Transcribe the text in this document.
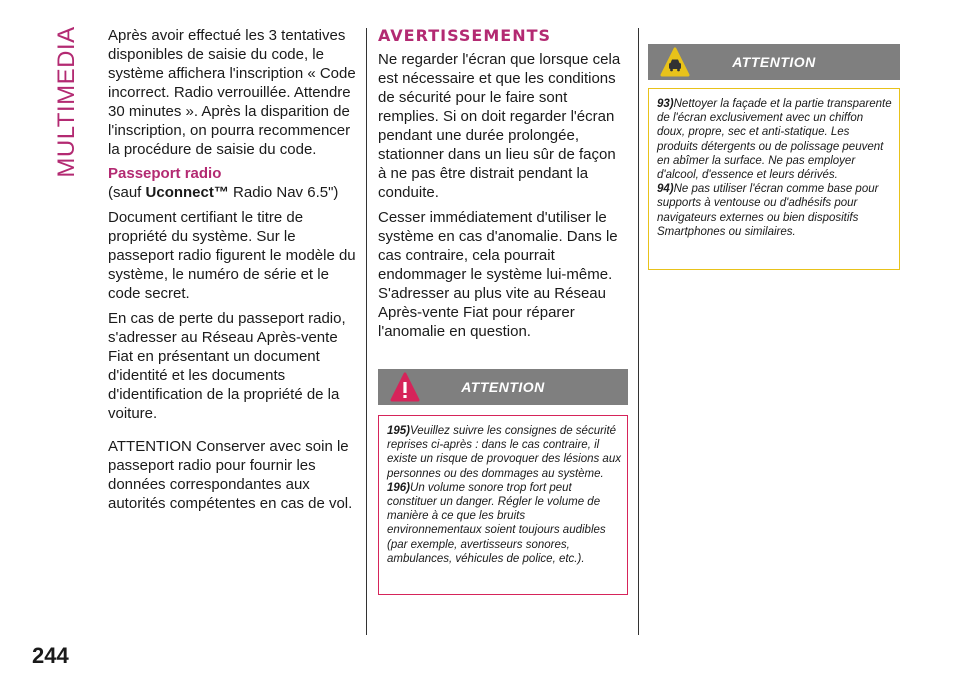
MULTIMEDIA
244

Après avoir effectué les 3 tentatives disponibles de saisie du code, le système affichera l'inscription « Code incorrect. Radio verrouillée. Attendre 30 minutes ». Après la disparition de l'inscription, on pourra recommencer la procédure de saisie du code.

Passeport radio

(sauf Uconnect™ Radio Nav 6.5")

Document certifiant le titre de propriété du système. Sur le passeport radio figurent le modèle du système, le numéro de série et le code secret.

En cas de perte du passeport radio, s'adresser au Réseau Après-vente Fiat en présentant un document d'identité et les documents d'identification de la propriété de la voiture.

ATTENTION Conserver avec soin le passeport radio pour fournir les données correspondantes aux autorités compétentes en cas de vol.

AVERTISSEMENTS

Ne regarder l'écran que lorsque cela est nécessaire et que les conditions de sécurité pour le faire sont remplies. Si on doit regarder l'écran pendant une durée prolongée, stationner dans un lieu sûr de façon à ne pas être distrait pendant la conduite.

Cesser immédiatement d'utiliser le système en cas d'anomalie. Dans le cas contraire, cela pourrait endommager le système lui-même. S'adresser au plus vite au Réseau Après-vente Fiat pour réparer l'anomalie en question.

ATTENTION
195)Veuillez suivre les consignes de sécurité reprises ci-après : dans le cas contraire, il existe un risque de provoquer des lésions aux personnes ou des dommages au système.
196)Un volume sonore trop fort peut constituer un danger. Régler le volume de manière à ce que les bruits environnementaux soient toujours audibles (par exemple, avertisseurs sonores, ambulances, véhicules de police, etc.).
ATTENTION
93)Nettoyer la façade et la partie transparente de l'écran exclusivement avec un chiffon doux, propre, sec et anti-statique. Les produits détergents ou de polissage peuvent en abîmer la surface. Ne pas employer d'alcool, d'essence et leurs dérivés.
94)Ne pas utiliser l'écran comme base pour supports à ventouse ou d'adhésifs pour navigateurs externes ou bien dispositifs Smartphones ou similaires.
